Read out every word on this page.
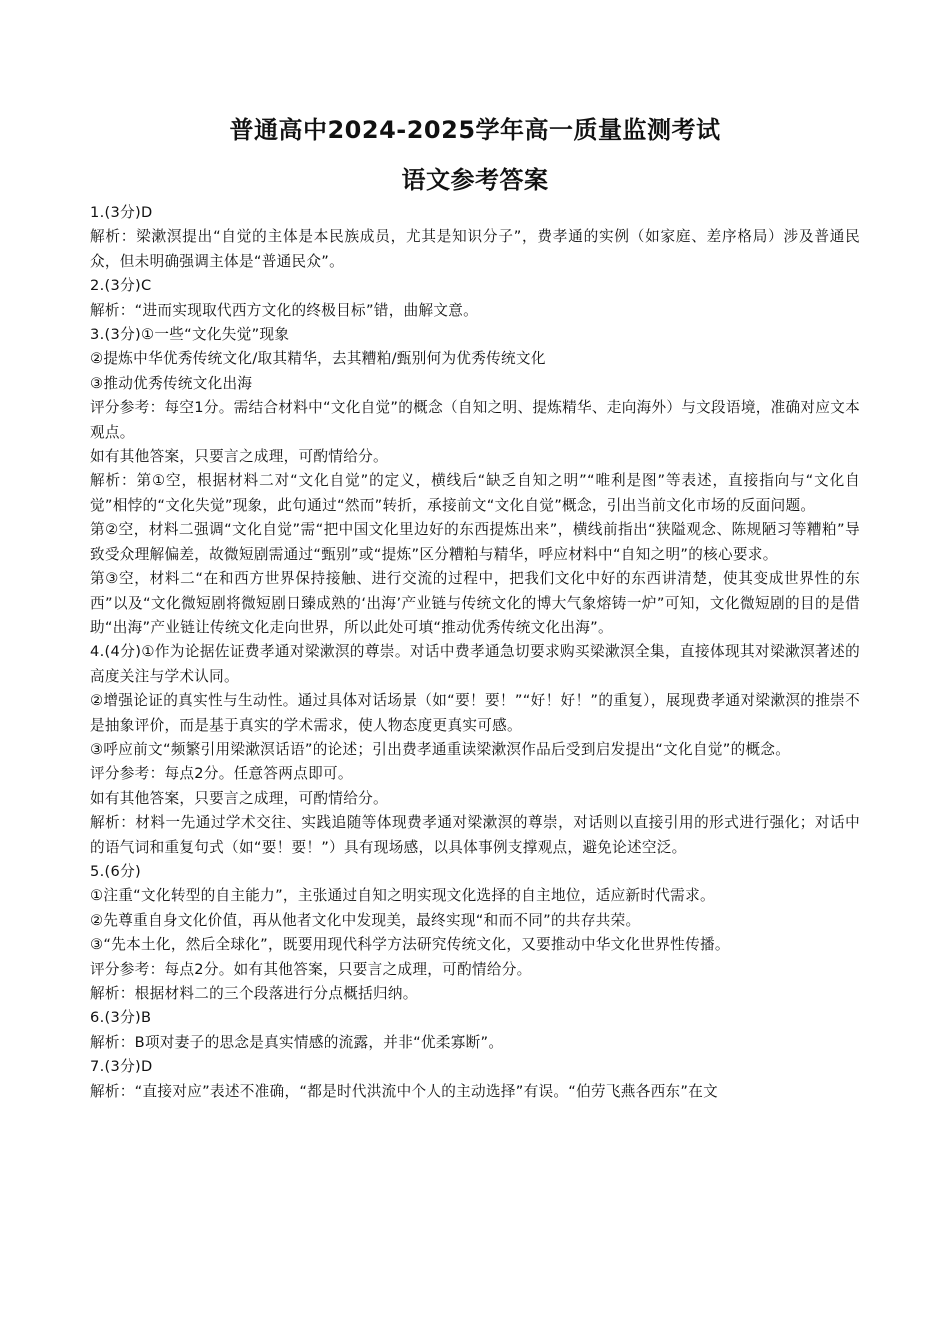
普通高中2024-2025学年高一质量监测考试
语文参考答案

1.(3分)D

解析：梁漱溟提出“自觉的主体是本民族成员，尤其是知识分子”，费孝通的实例（如家庭、差序格局）涉及普通民众，但未明确强调主体是“普通民众”。

2.(3分)C

解析：“进而实现取代西方文化的终极目标”错，曲解文意。

3.(3分)①一些“文化失觉”现象

②提炼中华优秀传统文化/取其精华，去其糟粕/甄别何为优秀传统文化

③推动优秀传统文化出海

评分参考：每空1分。需结合材料中“文化自觉”的概念（自知之明、提炼精华、走向海外）与文段语境，准确对应文本观点。

如有其他答案，只要言之成理，可酌情给分。

解析：第①空，根据材料二对“文化自觉”的定义，横线后“缺乏自知之明”“唯利是图”等表述，直接指向与“文化自觉”相悖的“文化失觉”现象，此句通过“然而”转折，承接前文“文化自觉”概念，引出当前文化市场的反面问题。

第②空，材料二强调“文化自觉”需“把中国文化里边好的东西提炼出来”，横线前指出“狭隘观念、陈规陋习等糟粕”导致受众理解偏差，故微短剧需通过“甄别”或“提炼”区分糟粕与精华，呼应材料中“自知之明”的核心要求。

第③空，材料二“在和西方世界保持接触、进行交流的过程中，把我们文化中好的东西讲清楚，使其变成世界性的东西”以及“文化微短剧将微短剧日臻成熟的‘出海’产业链与传统文化的博大气象熔铸一炉”可知，文化微短剧的目的是借助“出海”产业链让传统文化走向世界，所以此处可填“推动优秀传统文化出海”。

4.(4分)①作为论据佐证费孝通对梁漱溟的尊崇。对话中费孝通急切要求购买梁漱溟全集，直接体现其对梁漱溟著述的高度关注与学术认同。

②增强论证的真实性与生动性。通过具体对话场景（如“要！要！”“好！好！”的重复），展现费孝通对梁漱溟的推崇不是抽象评价，而是基于真实的学术需求，使人物态度更真实可感。

③呼应前文“频繁引用梁漱溟话语”的论述；引出费孝通重读梁漱溟作品后受到启发提出“文化自觉”的概念。

评分参考：每点2分。任意答两点即可。

如有其他答案，只要言之成理，可酌情给分。

解析：材料一先通过学术交往、实践追随等体现费孝通对梁漱溟的尊崇，对话则以直接引用的形式进行强化；对话中的语气词和重复句式（如“要！要！”）具有现场感，以具体事例支撑观点，避免论述空泛。

5.(6分)

①注重“文化转型的自主能力”，主张通过自知之明实现文化选择的自主地位，适应新时代需求。

②先尊重自身文化价值，再从他者文化中发现美，最终实现“和而不同”的共存共荣。

③“先本土化，然后全球化”，既要用现代科学方法研究传统文化，又要推动中华文化世界性传播。

评分参考：每点2分。如有其他答案，只要言之成理，可酌情给分。

解析：根据材料二的三个段落进行分点概括归纳。

6.(3分)B

解析：B项对妻子的思念是真实情感的流露，并非“优柔寡断”。

7.(3分)D

解析：“直接对应”表述不准确，“都是时代洪流中个人的主动选择”有误。“伯劳飞燕各西东”在文
